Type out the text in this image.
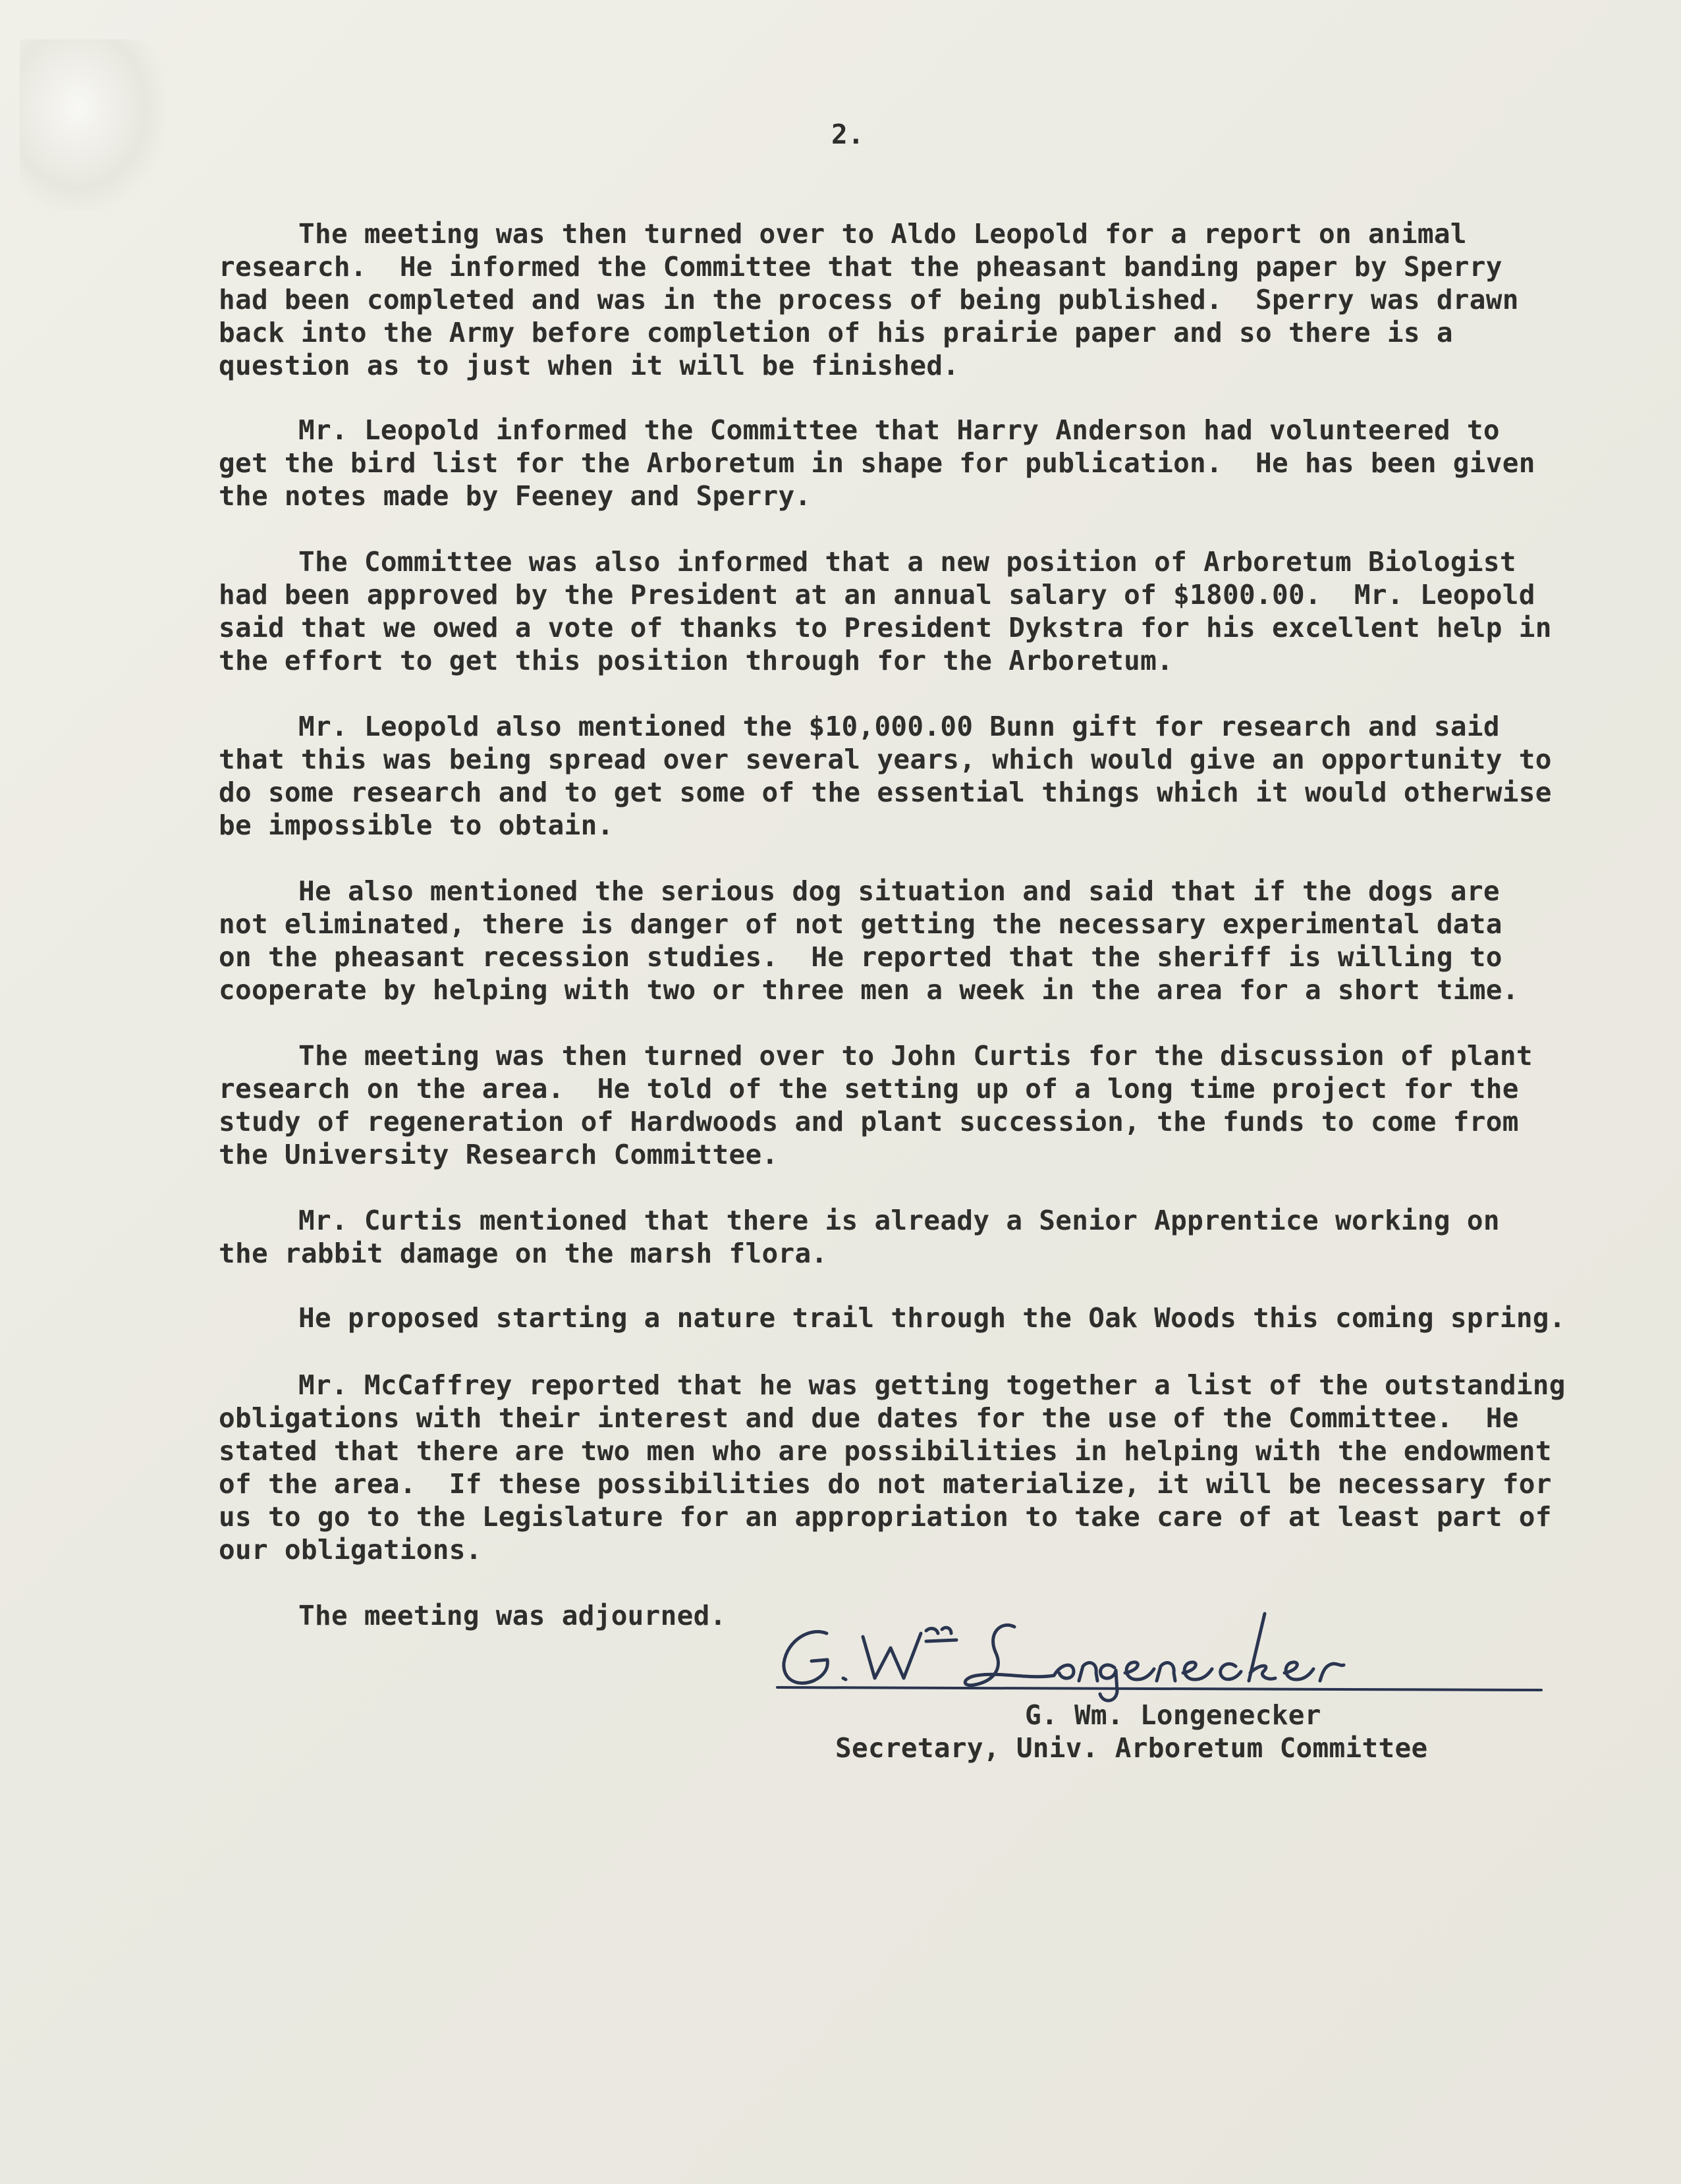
2.

The meeting was then turned over to Aldo Leopold for a report on animal
research.  He informed the Committee that the pheasant banding paper by Sperry
had been completed and was in the process of being published.  Sperry was drawn
back into the Army before completion of his prairie paper and so there is a
question as to just when it will be finished.

Mr. Leopold informed the Committee that Harry Anderson had volunteered to
get the bird list for the Arboretum in shape for publication.  He has been given
the notes made by Feeney and Sperry.

The Committee was also informed that a new position of Arboretum Biologist
had been approved by the President at an annual salary of $1800.00.  Mr. Leopold
said that we owed a vote of thanks to President Dykstra for his excellent help in
the effort to get this position through for the Arboretum.

Mr. Leopold also mentioned the $10,000.00 Bunn gift for research and said
that this was being spread over several years, which would give an opportunity to
do some research and to get some of the essential things which it would otherwise
be impossible to obtain.

He also mentioned the serious dog situation and said that if the dogs are
not eliminated, there is danger of not getting the necessary experimental data
on the pheasant recession studies.  He reported that the sheriff is willing to
cooperate by helping with two or three men a week in the area for a short time.

The meeting was then turned over to John Curtis for the discussion of plant
research on the area.  He told of the setting up of a long time project for the
study of regeneration of Hardwoods and plant succession, the funds to come from
the University Research Committee.

Mr. Curtis mentioned that there is already a Senior Apprentice working on
the rabbit damage on the marsh flora.

He proposed starting a nature trail through the Oak Woods this coming spring.

Mr. McCaffrey reported that he was getting together a list of the outstanding
obligations with their interest and due dates for the use of the Committee.  He
stated that there are two men who are possibilities in helping with the endowment
of the area.  If these possibilities do not materialize, it will be necessary for
us to go to the Legislature for an appropriation to take care of at least part of
our obligations.

The meeting was adjourned.

G. Wm. Longenecker

Secretary, Univ. Arboretum Committee
